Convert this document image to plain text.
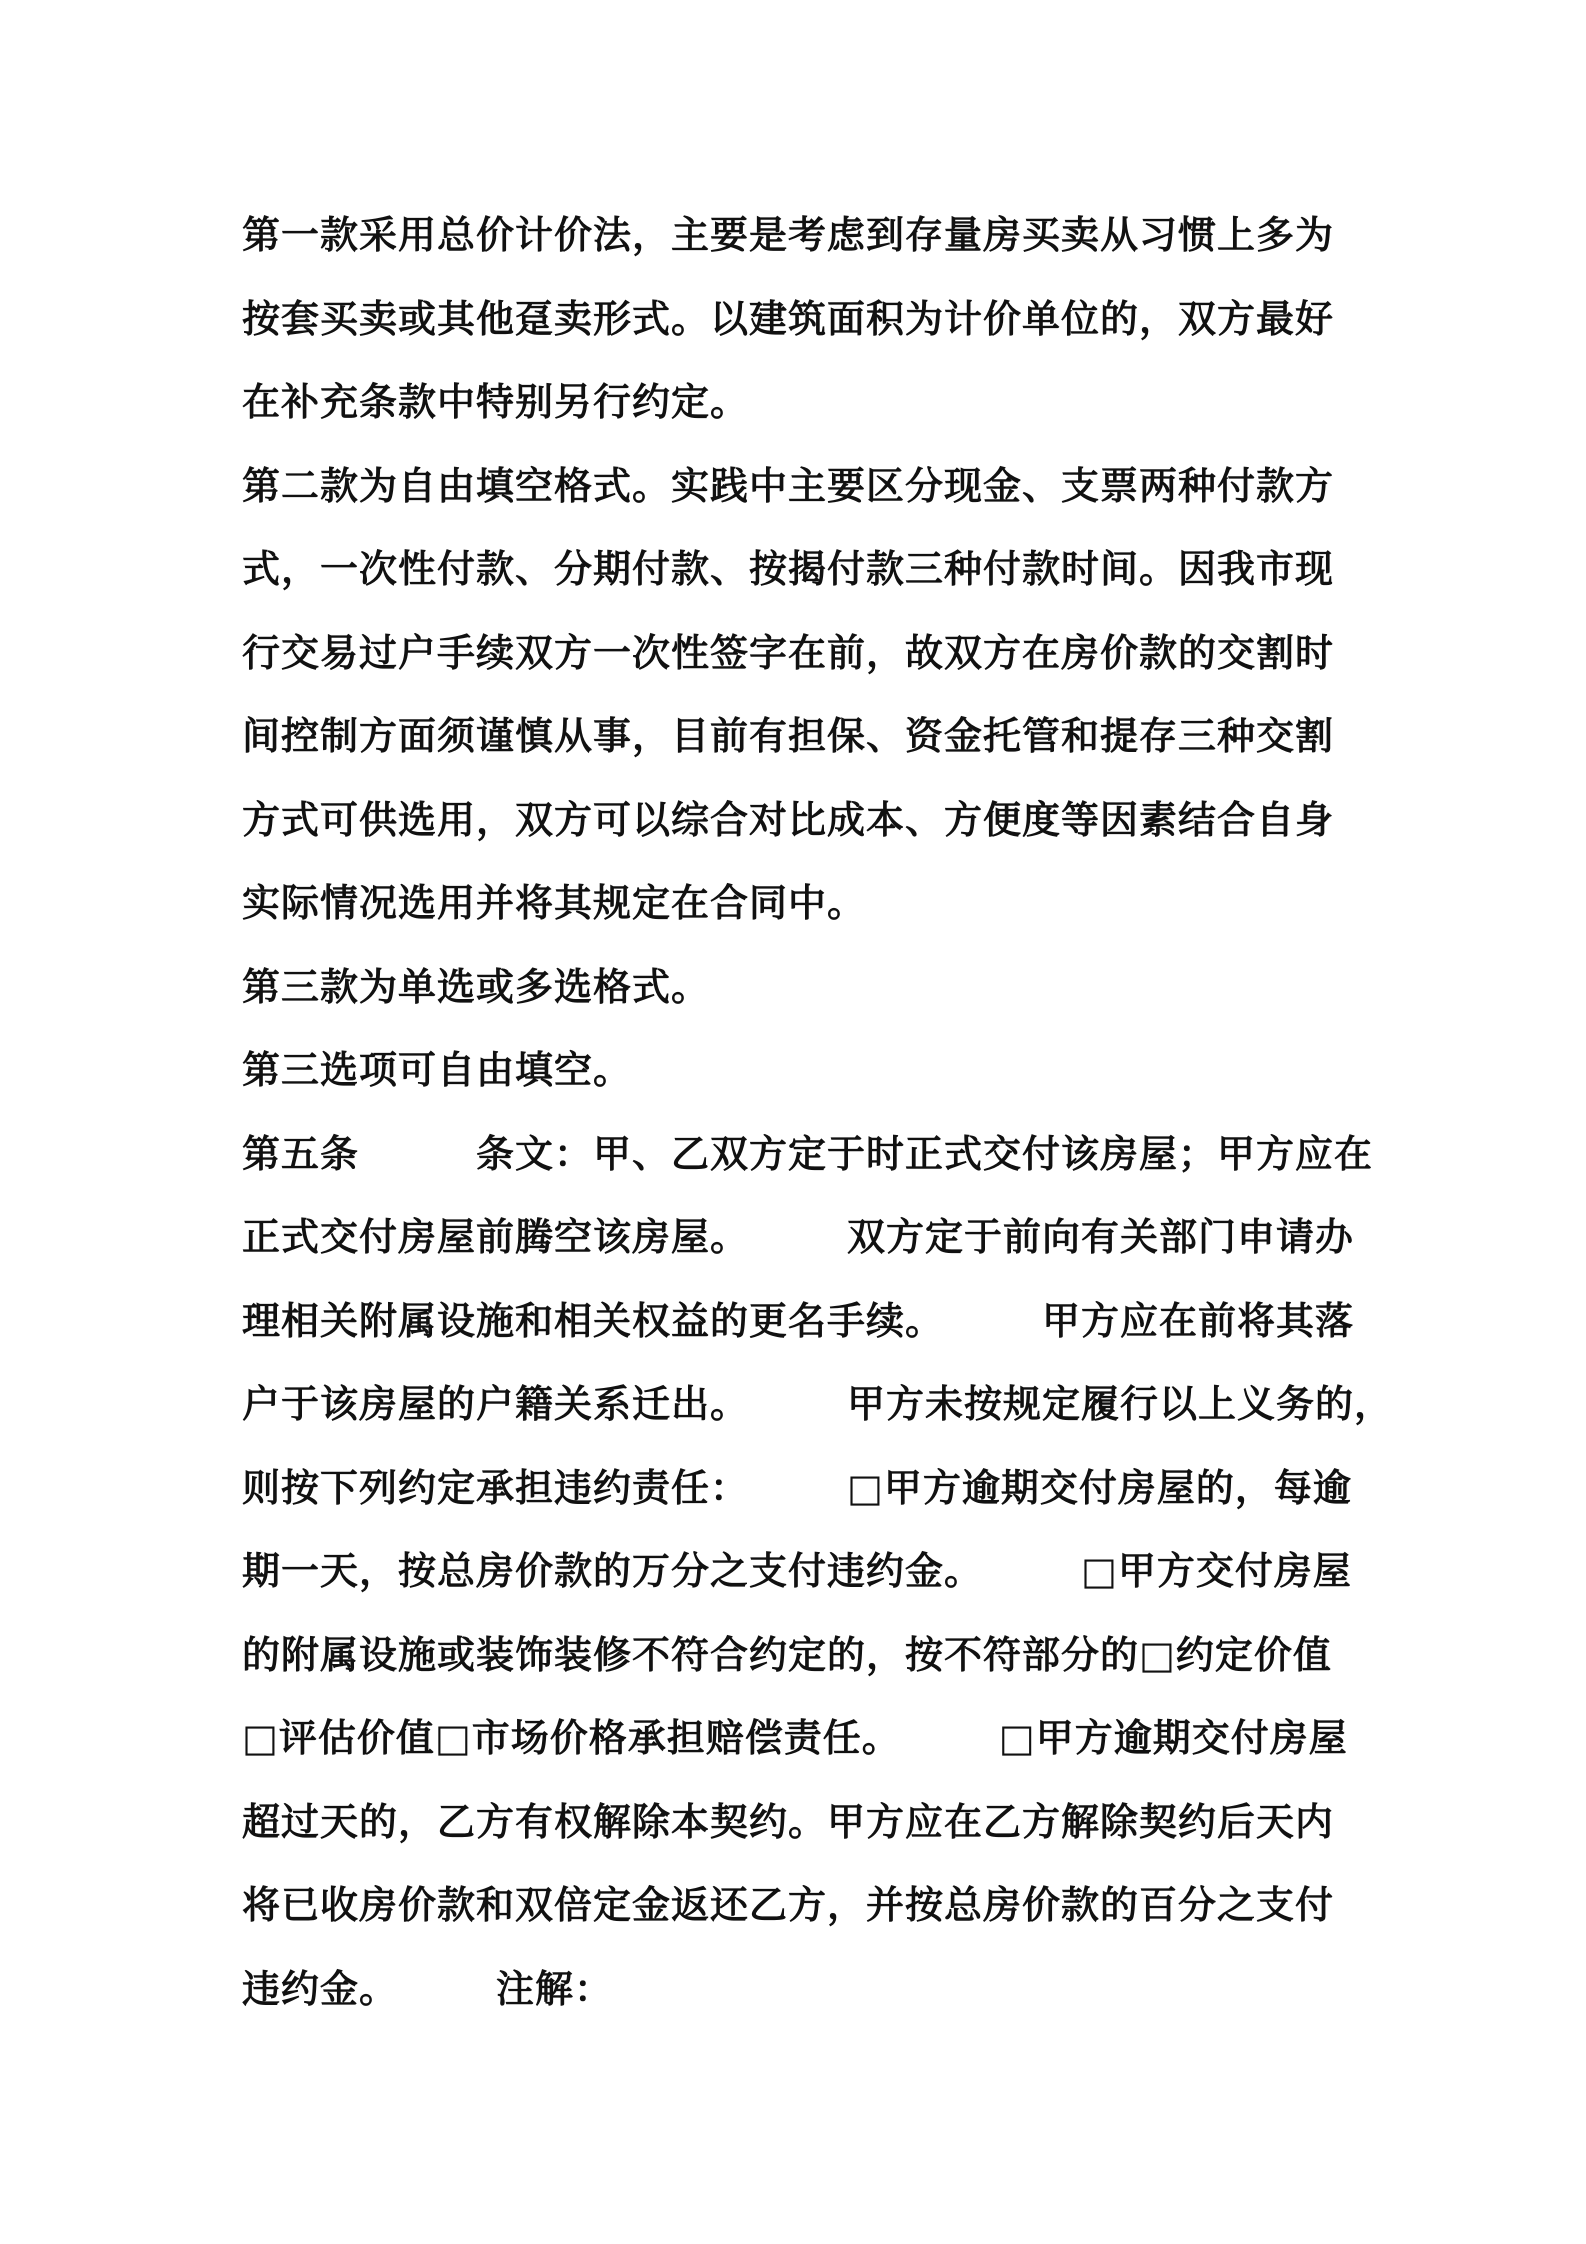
第一款采用总价计价法，主要是考虑到存量房买卖从习惯上多为
按套买卖或其他趸卖形式。以建筑面积为计价单位的，双方最好
在补充条款中特别另行约定。
第二款为自由填空格式。实践中主要区分现金、支票两种付款方
式，一次性付款、分期付款、按揭付款三种付款时间。因我市现
行交易过户手续双方一次性签字在前，故双方在房价款的交割时
间控制方面须谨慎从事，目前有担保、资金托管和提存三种交割
方式可供选用，双方可以综合对比成本、方便度等因素结合自身
实际情况选用并将其规定在合同中。
第三款为单选或多选格式。
第三选项可自由填空。
第五条　　　条文：甲、乙双方定于时正式交付该房屋；甲方应在
正式交付房屋前腾空该房屋。　　　双方定于前向有关部门申请办
理相关附属设施和相关权益的更名手续。　　　甲方应在前将其落
户于该房屋的户籍关系迁出。　　　甲方未按规定履行以上义务的，
则按下列约定承担违约责任：　　　□甲方逾期交付房屋的，每逾
期一天，按总房价款的万分之支付违约金。　　　□甲方交付房屋
的附属设施或装饰装修不符合约定的，按不符部分的□约定价值
□评估价值□市场价格承担赔偿责任。　　　□甲方逾期交付房屋
超过天的，乙方有权解除本契约。甲方应在乙方解除契约后天内
将已收房价款和双倍定金返还乙方，并按总房价款的百分之支付
违约金。　　　注解：
